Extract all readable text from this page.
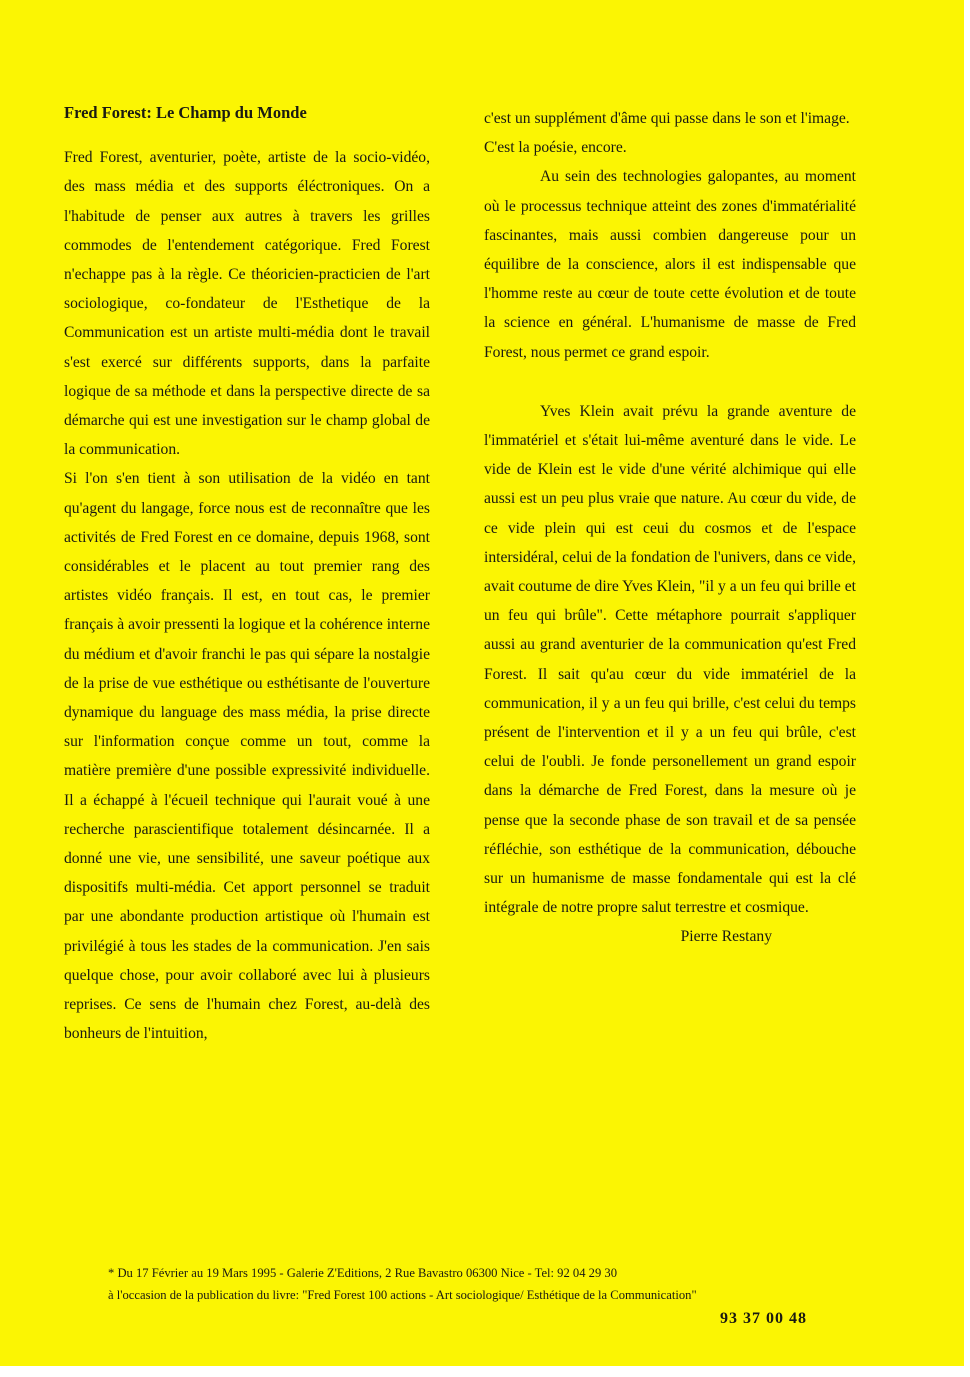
Fred Forest: Le Champ du Monde

Fred Forest, aventurier, poète, artiste de la socio-vidéo, des mass média et des supports éléctroniques. On a l'habitude de penser aux autres à travers les grilles commodes de l'entendement catégorique. Fred Forest n'echappe pas à la règle. Ce théoricien-practicien de l'art sociologique, co-fondateur de l'Esthetique de la Communication est un artiste multi-média dont le travail s'est exercé sur différents supports, dans la parfaite logique de sa méthode et dans la perspective directe de sa démarche qui est une investigation sur le champ global de la communication.

Si l'on s'en tient à son utilisation de la vidéo en tant qu'agent du langage, force nous est de reconnaître que les activités de Fred Forest en ce domaine, depuis 1968, sont considérables et le placent au tout premier rang des artistes vidéo français. Il est, en tout cas, le premier français à avoir pressenti la logique et la cohérence interne du médium et d'avoir franchi le pas qui sépare la nostalgie de la prise de vue esthétique ou esthétisante de l'ouverture dynamique du language des mass média, la prise directe sur l'information conçue comme un tout, comme la matière première d'une possible expressivité individuelle. Il a échappé à l'écueil technique qui l'aurait voué à une recherche parascientifique totalement désincarnée. Il a donné une vie, une sensibilité, une saveur poétique aux dispositifs multi-média. Cet apport personnel se traduit par une abondante production artistique où l'humain est privilégié à tous les stades de la communication. J'en sais quelque chose, pour avoir collaboré avec lui à plusieurs reprises. Ce sens de l'humain chez Forest, au-delà des bonheurs de l'intuition,

c'est un supplément d'âme qui passe dans le son et l'image.

C'est la poésie, encore.

Au sein des technologies galopantes, au moment où le processus technique atteint des zones d'immatérialité fascinantes, mais aussi combien dangereuse pour un équilibre de la conscience, alors il est indispensable que l'homme reste au cœur de toute cette évolution et de toute la science en général. L'humanisme de masse de Fred Forest, nous permet ce grand espoir.

Yves Klein avait prévu la grande aventure de l'immatériel et s'était lui-même aventuré dans le vide. Le vide de Klein est le vide d'une vérité alchimique qui elle aussi est un peu plus vraie que nature. Au cœur du vide, de ce vide plein qui est ceui du cosmos et de l'espace intersidéral, celui de la fondation de l'univers, dans ce vide, avait coutume de dire Yves Klein, "il y a un feu qui brille et un feu qui brûle". Cette métaphore pourrait s'appliquer aussi au grand aventurier de la communication qu'est Fred Forest. Il sait qu'au cœur du vide immatériel de la communication, il y a un feu qui brille, c'est celui du temps présent de l'intervention et il y a un feu qui brûle, c'est celui de l'oubli. Je fonde personellement un grand espoir dans la démarche de Fred Forest, dans la mesure où je pense que la seconde phase de son travail et de sa pensée réfléchie, son esthétique de la communication, débouche sur un humanisme de masse fondamentale qui est la clé intégrale de notre propre salut terrestre et cosmique.

Pierre Restany

* Du 17 Février au 19 Mars 1995 - Galerie Z'Editions, 2 Rue Bavastro 06300 Nice - Tel: 92 04 29 30

à l'occasion de la publication du livre: "Fred Forest 100 actions - Art sociologique/ Esthétique de la Communication"

93 37 00 48
